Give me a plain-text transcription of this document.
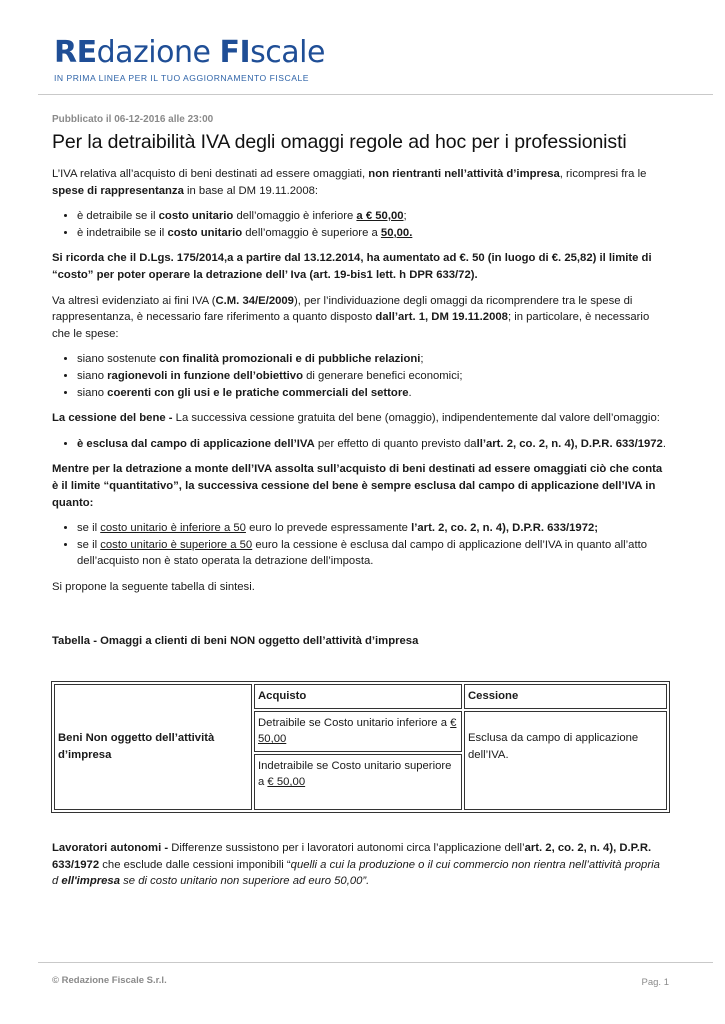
REdazione FIscale
IN PRIMA LINEA PER IL TUO AGGIORNAMENTO FISCALE
Pubblicato il 06-12-2016 alle 23:00
Per la detraibilità IVA degli omaggi regole ad hoc per i professionisti

L’IVA relativa all’acquisto di beni destinati ad essere omaggiati, non rientranti nell’attività d’impresa, ricompresi fra le spese di rappresentanza in base al DM 19.11.2008:

• è detraibile se il costo unitario dell’omaggio è inferiore a € 50,00;
• è indetraibile se il costo unitario dell’omaggio è superiore a 50,00.

Si ricorda che il D.Lgs. 175/2014,a a partire dal 13.12.2014, ha aumentato ad €. 50 (in luogo di €. 25,82) il limite di “costo” per poter operare la detrazione dell’ Iva (art. 19-bis1 lett. h DPR 633/72).

Va altresì evidenziato ai fini IVA (C.M. 34/E/2009), per l’individuazione degli omaggi da ricomprendere tra le spese di rappresentanza, è necessario fare riferimento a quanto disposto dall’art. 1, DM 19.11.2008; in particolare, è necessario che le spese:

• siano sostenute con finalità promozionali e di pubbliche relazioni;
• siano ragionevoli in funzione dell’obiettivo di generare benefici economici;
• siano coerenti con gli usi e le pratiche commerciali del settore.

La cessione del bene - La successiva cessione gratuita del bene (omaggio), indipendentemente dal valore dell’omaggio:

• è esclusa dal campo di applicazione dell’IVA per effetto di quanto previsto dall’art. 2, co. 2, n. 4), D.P.R. 633/1972.

Mentre per la detrazione a monte dell’IVA assolta sull’acquisto di beni destinati ad essere omaggiati ciò che conta è il limite “quantitativo”, la successiva cessione del bene è sempre esclusa dal campo di applicazione dell’IVA in quanto:

• se il costo unitario è inferiore a 50 euro lo prevede espressamente l’art. 2, co. 2, n. 4), D.P.R. 633/1972;
• se il costo unitario è superiore a 50 euro la cessione è esclusa dal campo di applicazione dell’IVA in quanto all’atto dell’acquisto non è stato operata la detrazione dell’imposta.

Si propone la seguente tabella di sintesi.

Tabella - Omaggi a clienti di beni NON oggetto dell’attività d’impresa

Beni Non oggetto dell’attività d’impresa	Acquisto	Cessione
	Detraibile se Costo unitario inferiore a € 50,00	Esclusa da campo di applicazione dell’IVA.
	Indetraibile se Costo unitario superiore a € 50,00	

Lavoratori autonomi - Differenze sussistono per i lavoratori autonomi circa l’applicazione dell’art. 2, co. 2, n. 4), D.P.R. 633/1972 che esclude dalle cessioni imponibili “quelli a cui la produzione o il cui commercio non rientra nell’attività propria d ell'impresa se di costo unitario non superiore ad euro 50,00”.

© Redazione Fiscale S.r.l.	Pag. 1
